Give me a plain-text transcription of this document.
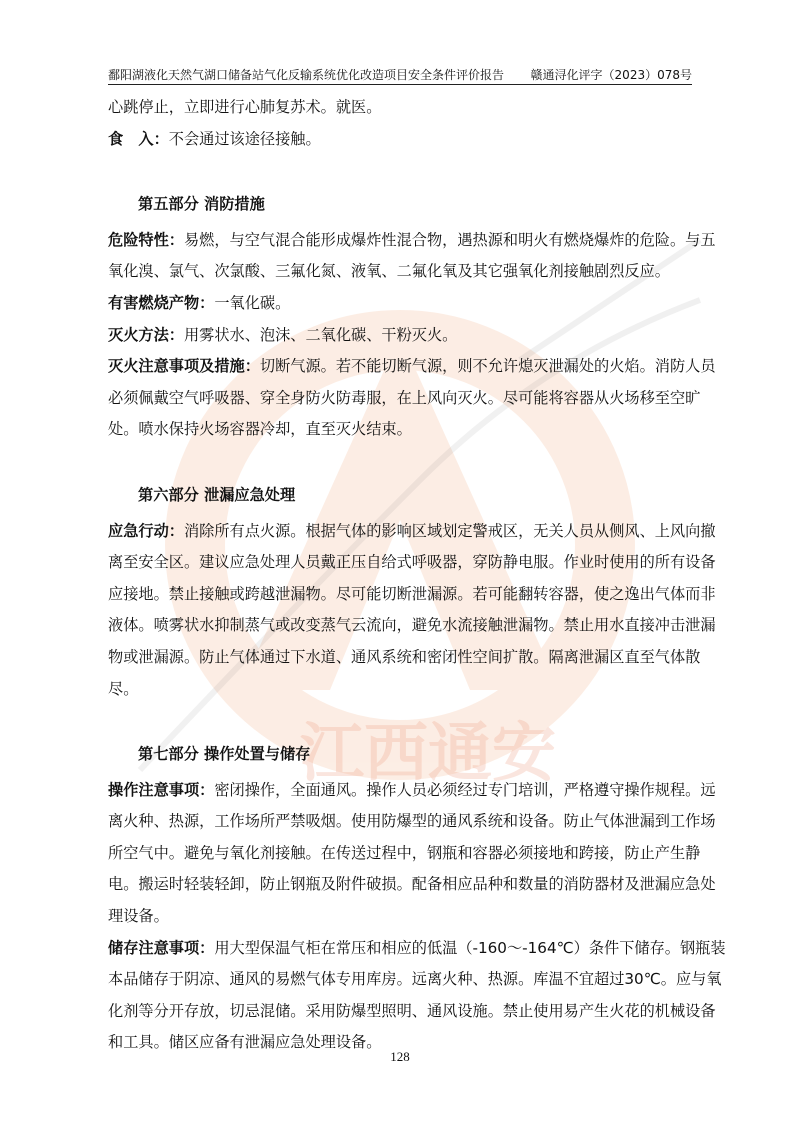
江西通安
鄱阳湖液化天然气湖口储备站气化反输系统优化改造项目安全条件评价报告 赣通浔化评字（2023）078号

心跳停止，立即进行心肺复苏术。就医。

食　入：不会通过该途径接触。

第五部分 消防措施

危险特性：易燃，与空气混合能形成爆炸性混合物，遇热源和明火有燃烧爆炸的危险。与五氧化溴、氯气、次氯酸、三氟化氮、液氧、二氟化氧及其它强氧化剂接触剧烈反应。

有害燃烧产物：一氧化碳。

灭火方法：用雾状水、泡沫、二氧化碳、干粉灭火。

灭火注意事项及措施：切断气源。若不能切断气源，则不允许熄灭泄漏处的火焰。消防人员必须佩戴空气呼吸器、穿全身防火防毒服，在上风向灭火。尽可能将容器从火场移至空旷处。喷水保持火场容器冷却，直至灭火结束。

第六部分 泄漏应急处理

应急行动：消除所有点火源。根据气体的影响区域划定警戒区，无关人员从侧风、上风向撤离至安全区。建议应急处理人员戴正压自给式呼吸器，穿防静电服。作业时使用的所有设备应接地。禁止接触或跨越泄漏物。尽可能切断泄漏源。若可能翻转容器，使之逸出气体而非液体。喷雾状水抑制蒸气或改变蒸气云流向，避免水流接触泄漏物。禁止用水直接冲击泄漏物或泄漏源。防止气体通过下水道、通风系统和密闭性空间扩散。隔离泄漏区直至气体散尽。

第七部分 操作处置与储存

操作注意事项：密闭操作，全面通风。操作人员必须经过专门培训，严格遵守操作规程。远离火种、热源，工作场所严禁吸烟。使用防爆型的通风系统和设备。防止气体泄漏到工作场所空气中。避免与氧化剂接触。在传送过程中，钢瓶和容器必须接地和跨接，防止产生静电。搬运时轻装轻卸，防止钢瓶及附件破损。配备相应品种和数量的消防器材及泄漏应急处理设备。

储存注意事项：用大型保温气柜在常压和相应的低温（-160～-164℃）条件下储存。钢瓶装本品储存于阴凉、通风的易燃气体专用库房。远离火种、热源。库温不宜超过30℃。应与氧化剂等分开存放，切忌混储。采用防爆型照明、通风设施。禁止使用易产生火花的机械设备和工具。储区应备有泄漏应急处理设备。

128
